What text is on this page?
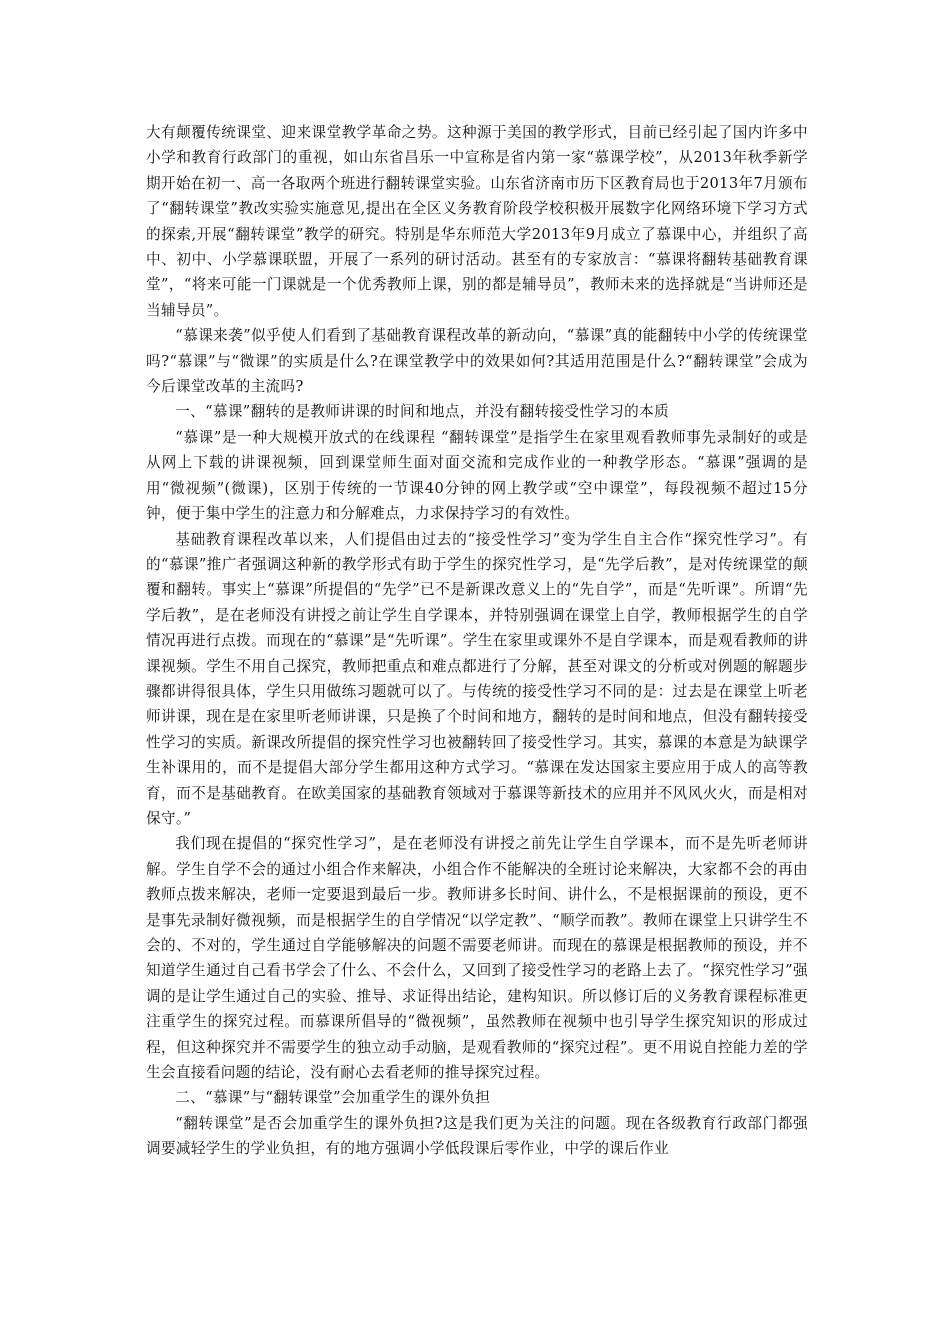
大有颠覆传统课堂、迎来课堂教学革命之势。这种源于美国的教学形式，目前已经引起了国内许多中小学和教育行政部门的重视，如山东省昌乐一中宣称是省内第一家“慕课学校”，从2013年秋季新学期开始在初一、高一各取两个班进行翻转课堂实验。山东省济南市历下区教育局也于2013年7月颁布了“翻转课堂”教改实验实施意见,提出在全区义务教育阶段学校积极开展数字化网络环境下学习方式的探索,开展“翻转课堂”教学的研究。特别是华东师范大学2013年9月成立了慕课中心，并组织了高中、初中、小学慕课联盟，开展了一系列的研讨活动。甚至有的专家放言：“慕课将翻转基础教育课堂”，“将来可能一门课就是一个优秀教师上课，别的都是辅导员”，教师未来的选择就是“当讲师还是当辅导员”。

“慕课来袭”似乎使人们看到了基础教育课程改革的新动向，“慕课”真的能翻转中小学的传统课堂吗?“慕课”与“微课”的实质是什么?在课堂教学中的效果如何?其适用范围是什么?“翻转课堂”会成为今后课堂改革的主流吗?

一、“慕课”翻转的是教师讲课的时间和地点，并没有翻转接受性学习的本质

“慕课”是一种大规模开放式的在线课程 “翻转课堂”是指学生在家里观看教师事先录制好的或是从网上下载的讲课视频，回到课堂师生面对面交流和完成作业的一种教学形态。“慕课”强调的是用“微视频”(微课)，区别于传统的一节课40分钟的网上教学或“空中课堂”，每段视频不超过15分钟，便于集中学生的注意力和分解难点，力求保持学习的有效性。

基础教育课程改革以来，人们提倡由过去的“接受性学习”变为学生自主合作“探究性学习”。有的“慕课”推广者强调这种新的教学形式有助于学生的探究性学习，是“先学后教”，是对传统课堂的颠覆和翻转。事实上“慕课”所提倡的“先学”已不是新课改意义上的“先自学”，而是“先听课”。所谓“先学后教”，是在老师没有讲授之前让学生自学课本，并特别强调在课堂上自学，教师根据学生的自学情况再进行点拨。而现在的“慕课”是“先听课”。学生在家里或课外不是自学课本，而是观看教师的讲课视频。学生不用自己探究，教师把重点和难点都进行了分解，甚至对课文的分析或对例题的解题步骤都讲得很具体，学生只用做练习题就可以了。与传统的接受性学习不同的是：过去是在课堂上听老师讲课，现在是在家里听老师讲课，只是换了个时间和地方，翻转的是时间和地点，但没有翻转接受性学习的实质。新课改所提倡的探究性学习也被翻转回了接受性学习。其实，慕课的本意是为缺课学生补课用的，而不是提倡大部分学生都用这种方式学习。“慕课在发达国家主要应用于成人的高等教育，而不是基础教育。在欧美国家的基础教育领域对于慕课等新技术的应用并不风风火火，而是相对保守。”

我们现在提倡的“探究性学习”，是在老师没有讲授之前先让学生自学课本，而不是先听老师讲解。学生自学不会的通过小组合作来解决，小组合作不能解决的全班讨论来解决，大家都不会的再由教师点拨来解决，老师一定要退到最后一步。教师讲多长时间、讲什么，不是根据课前的预设，更不是事先录制好微视频，而是根据学生的自学情况“以学定教”、“顺学而教”。教师在课堂上只讲学生不会的、不对的，学生通过自学能够解决的问题不需要老师讲。而现在的慕课是根据教师的预设，并不知道学生通过自己看书学会了什么、不会什么，又回到了接受性学习的老路上去了。“探究性学习”强调的是让学生通过自己的实验、推导、求证得出结论，建构知识。所以修订后的义务教育课程标准更注重学生的探究过程。而慕课所倡导的“微视频”，虽然教师在视频中也引导学生探究知识的形成过程，但这种探究并不需要学生的独立动手动脑，是观看教师的“探究过程”。更不用说自控能力差的学生会直接看问题的结论，没有耐心去看老师的推导探究过程。

二、“慕课”与“翻转课堂”会加重学生的课外负担

“翻转课堂”是否会加重学生的课外负担?这是我们更为关注的问题。现在各级教育行政部门都强调要减轻学生的学业负担，有的地方强调小学低段课后零作业，中学的课后作业
